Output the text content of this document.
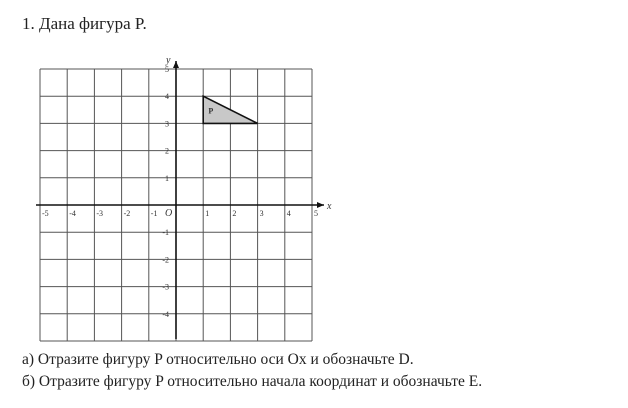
1. Дана фигура P.
x
y
O
-5	-4	-3	-2	-1	1	2	3	4	5
5
4
3
2
1
-1
-2
-3
-4
P
а) Отразите фигуру P относительно оси Ox и обозначьте D.
б) Отразите фигуру P относительно начала координат и обозначьте E.
